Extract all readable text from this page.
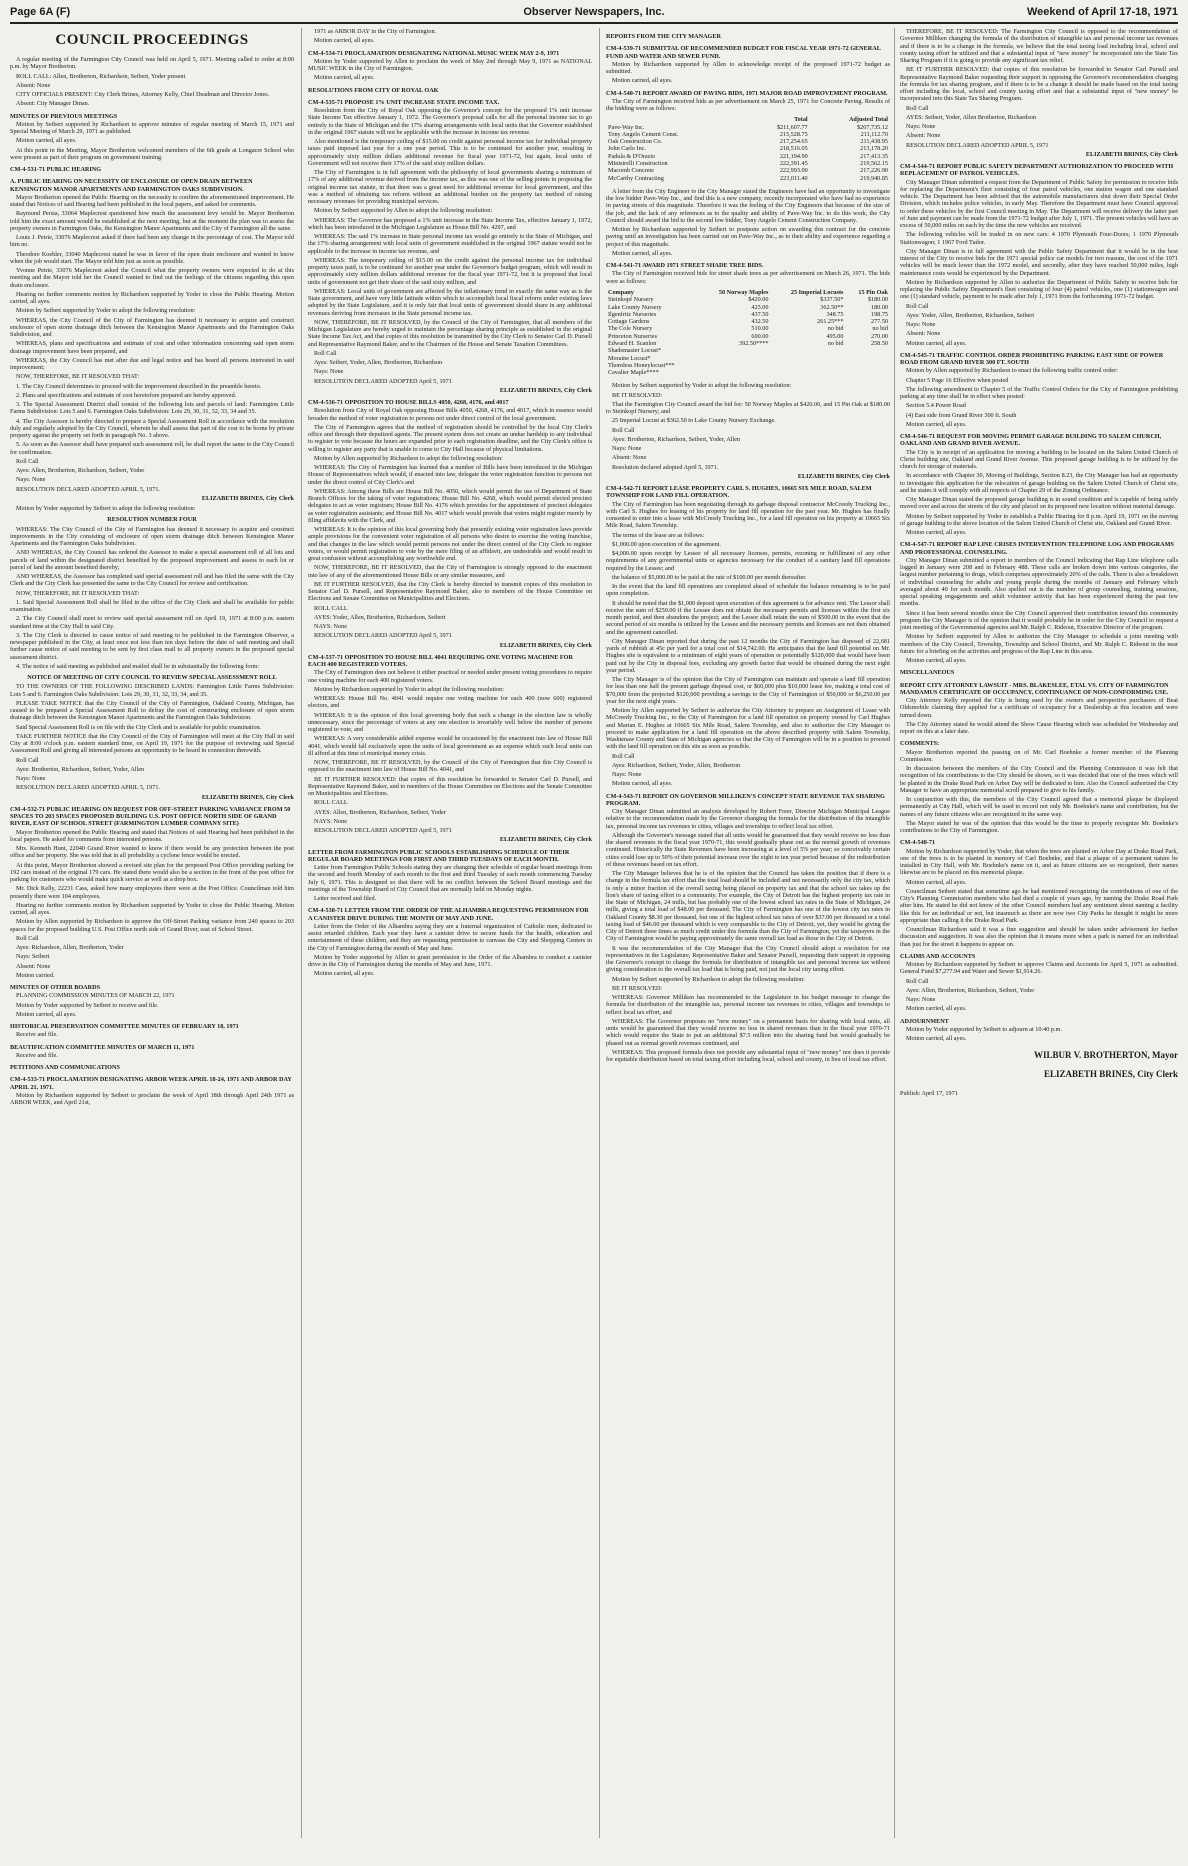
Page 6A (F)	Observer Newspapers, Inc.	Weekend of April 17-18, 1971
COUNCIL PROCEEDINGS
A regular meeting of the Farmington City Council was held on April 5, 1971. Meeting called to order at 8:00 p.m. by Mayor Brotherton.
ROLL CALL: Allen, Brotherton, Richardson, Seibert, Yoder present
Absent: None
CITY OFFICIALS PRESENT: City Clerk Brines, Attorney Kelly, Chief Deadman and Director Jones.
Absent: City Manager Dinan.
MINUTES OF PREVIOUS MEETINGS
Motion by Seibert supported by Richardson to approve minutes of regular meeting of March 15, 1971 and Special Meeting of March 29, 1971 as published.
Motion carried, all ayes.
At this point in the Meeting, Mayor Brotherton welcomed members of the 6th grade at Longacre School who were present as part of their program on government training.
CM-4-531-71 PUBLIC HEARING
A. PUBLIC HEARING ON NECESSITY OF ENCLOSURE OF OPEN DRAIN BETWEEN KENSINGTON MANOR APARTMENTS AND FARMINGTON OAKS SUBDIVISION.
Mayor Brotherton opened the Public Hearing on the necessity to confirm the aforementioned improvement. He stated that Notices of said Hearing had been published in the local papers, and asked for comments.
Raymond Persia, 33064 Maplecrest questioned how much the assessment levy would be. Mayor Brotherton told him the exact amount would be established at the next meeting, but at the moment the plan was to assess the property owners in Farmington Oaks, the Kensington Manor Apartments and the City of Farmington all the same.
Louis J. Petrie, 33076 Maplecrest asked if there had been any change in the percentage of cost. The Mayor told him no.
Theodore Koehler, 33040 Maplecrest stated he was in favor of the open drain enclosure and wanted to know when the job would start. The Mayor told him just as soon as possible.
Yvonne Petrie, 33076 Maplecrest asked the Council what the property owners were expected to do at this meeting and the Mayor told her the Council wanted to find out the feelings of the citizens regarding this open drain enclosure.
Hearing no further comments motion by Richardson supported by Yoder to close the Public Hearing. Motion carried, all ayes.
Motion by Seibert supported by Yoder to adopt the following resolution:
WHEREAS, the City Council of the City of Farmington has deemed it necessary to acquire and construct enclosure of open storm drainage ditch between the Kensington Manor Apartments and the Farmington Oaks Subdivision, and
WHEREAS, plans and specifications and estimate of cost and other information concerning said open storm drainage improvement have been prepared, and
WHEREAS, the City Council has met after due and legal notice and has heard all persons interested in said improvement;
NOW, THEREFORE, BE IT RESOLVED THAT:
1. The City Council determines to proceed with the improvement described in the preamble hereto.
2. Plans and specifications and estimate of cost heretofore prepared are hereby approved.
3. The Special Assessment District shall consist of the following lots and parcels of land: Farmington Little Farms Subdivision: Lots 5 and 6. Farmington Oaks Subdivision: Lots 29, 30, 31, 32, 33, 34 and 35.
4. The City Assessor is hereby directed to prepare a Special Assessment Roll in accordance with the resolution duly and regularly adopted by the City Council, wherein he shall assess that part of the cost to be borne by private property against the property set forth in paragraph No. 3 above.
5. As soon as the Assessor shall have prepared such assessment roll, he shall report the same to the City Council for confirmation.
Roll Call
Ayes: Allen, Brotherton, Richardson, Seibert, Yoder
Nays: None
RESOLUTION DECLARED ADOPTED APRIL 5, 1971.
ELIZABETH BRINES, City Clerk
Motion by Yoder supported by Seibert to adopt the following resolution:
RESOLUTION NUMBER FOUR
WHEREAS: The City Council of the City of Farmington has deemed it necessary to acquire and construct improvements in the City consisting of enclosure of open storm drainage ditch between Kensington Manor Apartments and the Farmington Oaks Subdivision.
AND WHEREAS, the City Council has ordered the Assessor to make a special assessment roll of all lots and parcels of land within the designated district benefited by the proposed improvement and assess to each lot or parcel of land the amount benefited thereby;
AND WHEREAS, the Assessor has completed said special assessment roll and has filed the same with the City Clerk and the City Clerk has presented the same to the City Council for review and certification.
NOW, THEREFORE, BE IT RESOLVED THAT:
1. Said Special Assessment Roll shall be filed in the office of the City Clerk and shall be available for public examination.
2. The City Council shall meet to review said special assessment roll on April 19, 1971 at 8:00 p.m. eastern standard time at the City Hall in said City.
3. The City Clerk is directed to cause notice of said meeting to be published in the Farmington Observer, a newspaper published in the City, at least once not less than ten days before the date of said meeting and shall further cause notice of said meeting to be sent by first class mail to all property owners in the proposed special assessment district.
4. The notice of said meeting as published and mailed shall be in substantially the following form:
NOTICE OF MEETING OF CITY COUNCIL TO REVIEW SPECIAL ASSESSMENT ROLL
TO THE OWNERS OF THE FOLLOWING DESCRIBED LANDS: Farmington Little Farms Subdivision: Lots 5 and 6. Farmington Oaks Subdivision: Lots 29, 30, 31, 32, 33, 34, and 35.
PLEASE TAKE NOTICE that the City Council of the City of Farmington, Oakland County, Michigan, has caused to be prepared a Special Assessment Roll to defray the cost of constructing enclosure of open storm drainage ditch between the Kensington Manor Apartments and the Farmington Oaks Subdivision.
Said Special Assessment Roll is on file with the City Clerk and is available for public examination.
TAKE FURTHER NOTICE that the City Council of the City of Farmington will meet at the City Hall in said City at 8:00 o'clock p.m. eastern standard time, on April 19, 1971 for the purpose of reviewing said Special Assessment Roll and giving all interested persons an opportunity to be heard in connection therewith.
Roll Call
Ayes: Brotherton, Richardson, Seibert, Yoder, Allen
Nays: None
RESOLUTION DECLARED ADOPTED APRIL 5, 1971.
ELIZABETH BRINES, City Clerk
CM-4-532-71 PUBLIC HEARING ON REQUEST FOR OFF-STREET PARKING VARIANCE FROM 50 SPACES TO 203 SPACES PROPOSED BUILDING U.S. POST OFFICE NORTH SIDE OF GRAND RIVER, EAST OF SCHOOL STREET (FARMINGTON LUMBER COMPANY SITE)
Mayor Brotherton opened the Public Hearing and stated that Notices of said Hearing had been published in the local papers. He asked for comments from interested persons.
Mrs. Kenneth Hunt, 22040 Grand River wanted to know if there would be any protection between the post office and her property. She was told that in all probability a cyclone fence would be erected.
At this point, Mayor Brotherton showed a revised site plan for the proposed Post Office providing parking for 192 cars instead of the original 179 cars. He stated there would also be a section in the front of the post office for parking for customers who would make quick service as well as a drop box.
Mr. Dick Kelly, 22231 Cass, asked how many employees there were at the Post Office. Councilman told him presently there were 104 employees.
Hearing no further comments motion by Richardson supported by Yoder to close the Public Hearing. Motion carried, all ayes.
Motion by Allen supported by Richardson to approve the Off-Street Parking variance from 240 spaces to 203 spaces for the proposed building U.S. Post Office north side of Grand River, east of School Street.
Roll Call
Ayes: Richardson, Allen, Brotherton, Yoder
Nays: Seibert
Absent: None
Motion carried.
MINUTES OF OTHER BOARDS
PLANNING COMMISSION MINUTES OF MARCH 22, 1971
Motion by Yoder supported by Seibert to receive and file.
Motion carried, all ayes.
HISTORICAL PRESERVATION COMMITTEE MINUTES OF FEBRUARY 18, 1971
Receive and file.
BEAUTIFICATION COMMITTEE MINUTES OF MARCH 11, 1971
Receive and file.
PETITIONS AND COMMUNICATIONS
CM-4-533-71 PROCLAMATION DESIGNATING ARBOR WEEK APRIL 18-24, 1971 AND ARBOR DAY APRIL 21, 1971.
Motion by Richardson supported by Seibert to proclaim the week of April 18th through April 24th 1971 as ARBOR WEEK, and April 21st,
1971 as ARBOR DAY in the City of Farmington.
Motion carried, all ayes.
CM-4-534-71 PROCLAMATION DESIGNATING NATIONAL MUSIC WEEK MAY 2-9, 1971
Motion by Yoder supported by Allen to proclaim the week of May 2nd through May 9, 1971 as NATIONAL MUSIC WEEK in the City of Farmington.
Motion carried, all ayes.
RESOLUTIONS FROM CITY OF ROYAL OAK
CM-4-535-71 PROPOSE 1% UNIT INCREASE STATE INCOME TAX.
Resolution from the City of Royal Oak opposing the Governor's concept for the proposed 1% unit increase State Income Tax effective January 1, 1972. The Governor's proposal calls for all the personal income tax to go entirely to the State of Michigan and the 17% sharing arrangements with local units that the Governor established in the original 1967 statute will not be applicable with the increase in income tax revenue.
Also mentioned is the temporary ceiling of $15.00 on credit against personal income tax for individual property taxes paid imposed last year for a one year period. This is to be continued for another year, resulting in approximately sixty million dollars additional revenue for fiscal year 1971-72, but again, local units of Government will not receive their 17% of the said sixty million dollars.
The City of Farmington is in full agreement with the philosophy of local governments sharing a minimum of 17% of any additional revenue derived from the income tax, as this was one of the selling points in proposing the original income tax statute, in that there was a great need for additional revenue for local government, and this was a method of obtaining tax reform without an additional burden on the property tax method of raising necessary revenues for providing municipal services.
Motion by Seibert supported by Allen to adopt the following resolution:
WHEREAS: The Governor has proposed a 1% unit increase in the State Income Tax, effective January 1, 1972, which has been introduced in the Michigan Legislature as House Bill No. 4297, and
WHEREAS: The said 1% increase in State personal income tax would go entirely to the State of Michigan, and the 17% sharing arrangement with local units of government established in the original 1967 statute would not be applicable to the increase in income tax revenue, and
WHEREAS: The temporary ceiling of $15.00 on the credit against the personal income tax for individual property taxes paid, is to be continued for another year under the Governor's budget program, which will result in approximately sixty million dollars additional revenue for the fiscal year 1971-72, but it is proposed that local units of government not get their share of the said sixty million, and
WHEREAS: Local units of government are affected by the inflationary trend in exactly the same way as is the State government, and have very little latitude within which to accomplish local fiscal reform under existing laws adopted by the State Legislature, and it is only fair that local units of government should share in any additional revenues deriving from increases in the State personal income tax.
NOW, THEREFORE, BE IT RESOLVED, by the Council of the City of Farmington, that all members of the Michigan Legislature are hereby urged to maintain the percentage sharing principle as established in the original State Income Tax Act, and that copies of this resolution be transmitted by the City Clerk to Senator Carl D. Pursell and Representative Raymond Baker, and to the Chairmen of the House and Senate Taxation Committees.
Roll Call
Ayes: Seibert, Yoder, Allen, Brotherton, Richardson
Nays: None
RESOLUTION DECLARED ADOPTED April 5, 1971
ELIZABETH BRINES, City Clerk
CM-4-536-71 OPPOSITION TO HOUSE BILLS 4050, 4268, 4176, and 4017
Resolution from City of Royal Oak opposing House Bills 4050, 4268, 4176, and 4017, which in essence would broaden the method of voter registration to persons not under direct control of the local government.
The City of Farmington agrees that the method of registration should be controlled by the local City Clerk's office and through their deputized agents. The present system does not create an undue hardship to any individual to register to vote because the hours are expanded prior to each registration deadline, and the City Clerk's office is willing to register any party that is unable to come to City Hall because of physical limitations.
Motion by Allen supported by Richardson to adopt the following resolution:
WHEREAS: The City of Farmington has learned that a number of Bills have been introduced in the Michigan House of Representatives which would, if enacted into law, delegate the voter registration function to persons not under the direct control of City Clerk's and
WHEREAS: Among these Bills are House Bill No. 4050, which would permit the use of Department of State Branch Offices for the taking of voter registrations; House Bill No. 4268, which would permit elected precinct delegates to act as voter registrars; House Bill No. 4176 which provides for the appointment of precinct delegates as voter registration assistants; and House Bill No. 4017 which would provide that voters might register merely by filing affidavits with the Clerk, and
WHEREAS: It is the opinion of this local governing body that presently existing voter registration laws provide ample provisions for the convenient voter registration of all persons who desire to exercise the voting franchise, and that changes in the law which would permit persons not under the direct control of the City Clerk to register voters, or would permit registration to vote by the mere filing of an affidavit, are undesirable and would result in great confusion without accomplishing any worthwhile end.
NOW, THEREFORE, BE IT RESOLVED, that the City of Farmington is strongly opposed to the enactment into law of any of the aforementioned House Bills or any similar measures, and
BE IT FURTHER RESOLVED, that the City Clerk is hereby directed to transmit copies of this resolution to Senator Carl D. Pursell, and Representative Raymond Baker, also to members of the House Committee on Elections and Senate Committee on Municipalities and Elections.
ROLL CALL
AYES: Yoder, Allen, Brotherton, Richardson, Seibert
NAYS: None
RESOLUTION DECLARED ADOPTED April 5, 1971
ELIZABETH BRINES, City Clerk
CM-4-537-71 OPPOSITION TO HOUSE BILL 4041 REQUIRING ONE VOTING MACHINE FOR EACH 400 REGISTERED VOTERS.
The City of Farmington does not believe it either practical or needed under present voting procedures to require one voting machine for each 400 registered voters.
Motion by Richardson supported by Yoder to adopt the following resolution:
WHEREAS: House Bill No. 4041 would require one voting machine for each 400 (now 600) registered electors, and
WHEREAS: It is the opinion of this local governing body that such a change in the election law is wholly unnecessary, since the percentage of voters at any one election is invariably well below the number of persons registered to vote, and
WHEREAS: A very considerable added expense would be occasioned by the enactment into law of House Bill 4041, which would fall exclusively upon the units of local government as an expense which such local units can ill afford at this time of municipal money crisis.
NOW, THEREFORE, BE IT RESOLVED, by the Council of the City of Farmington that this City Council is opposed to the enactment into law of House Bill No. 4041, and
BE IT FURTHER RESOLVED: that copies of this resolution be forwarded to Senator Carl D. Pursell, and Representative Raymond Baker, and to members of the House Committee on Elections and the Senate Committee on Municipalities and Elections.
ROLL CALL
AYES: Allen, Brotherton, Richardson, Seibert, Yoder
NAYS: None
RESOLUTION DECLARED ADOPTED April 5, 1971
ELIZABETH BRINES, City Clerk
LETTER FROM FARMINGTON PUBLIC SCHOOLS ESTABLISHING SCHEDULE OF THEIR REGULAR BOARD MEETINGS FOR FIRST AND THIRD TUESDAYS OF EACH MONTH.
Letter from Farmington Public Schools stating they are changing their schedule of regular board meetings from the second and fourth Monday of each month to the first and third Tuesday of each month commencing Tuesday July 6, 1971. This is designed so that there will be no conflict between the School Board meetings and the meetings of the Township Board of City Council that are normally held on Monday nights.
Letter received and filed.
CM-4-538-71 LETTER FROM THE ORDER OF THE ALHAMBRA REQUESTING PERMISSION FOR A CANISTER DRIVE DURING THE MONTH OF MAY AND JUNE.
Letter from the Order of the Alhambra saying they are a fraternal organization of Catholic men, dedicated to assist retarded children. Each year they have a canister drive to secure funds for the health, education and entertainment of these children, and they are requesting permission to canvass the City and Shopping Centers in the City of Farmington during the month of May and June.
Motion by Yoder supported by Allen to grant permission to the Order of the Alhambra to conduct a canister drive in the City of Farmington during the months of May and June, 1971.
Motion carried, all ayes.
REPORTS FROM THE CITY MANAGER
CM-4-539-71 SUBMITTAL OF RECOMMENDED BUDGET FOR FISCAL YEAR 1971-72 GENERAL FUND AND WATER AND SEWER FUND.
Motion by Richardson supported by Allen to acknowledge receipt of the proposed 1971-72 budget as submitted.
Motion carried, all ayes.
CM-4-540-71 REPORT AWARD OF PAVING BIDS, 1971 MAJOR ROAD IMPROVEMENT PROGRAM.
The City of Farmington received bids as per advertisement on March 25, 1971 for Concrete Paving. Results of the bidding were as follows:
	Total	Adjusted Total
Pave-Way Inc.	$211,607.77	$207,735.12
Tony Angelo Cement Const.	215,528.75	211,112.70
Oak Construction Co.	217,254.65	211,438.95
John Carlo Inc.	218,516.05	213,178.20
Padula & D'Orazio	221,194.90	217,413.35
Ministrelli Construction	222,391.45	219,562.15
Macomb Concrete	222,993.00	217,226.90
McCarthy Contracting	223,011.40	219,940.85
A letter from the City Engineer to the City Manager stated the Engineers have had an opportunity to investigate the low bidder Pave-Way Inc., and find this is a new company, recently incorporated who have had no experience in paving streets of this magnitude. Therefore it was the feeling of the City Engineers that because of the size of the job, and the lack of any references as to the quality and ability of Pave-Way Inc. to do this work, the City Council should award the bid to the second low bidder, Tony Angelo Cement Construction Company.
Motion by Richardson supported by Seibert to postpone action on awarding this contract for the concrete paving until an investigation has been carried out on Pave-Way Inc., as to their ability and experience regarding a project of this magnitude.
Motion carried, all ayes.
CM-4-541-71 AWARD 1971 STREET SHADE TREE BIDS.
The City of Farmington received bids for street shade trees as per advertisement on March 26, 1971. The bids were as follows:
Company	50 Norway Maples	25 Imperial Locusts	15 Pin Oak
Steinkopf Nursery	$420.00	$337.50*	$180.00
Lake County Nursery	425.00	362.50**	180.00
Ilgenfritz Nurseries	437.50	348.75	198.75
Cottage Gardens	432.50	261.25***	277.50
The Cole Nursery	510.00	no bid	no bid
Princeton Nurseries	600.00	495.00	270.00
Edward H. Scanlon	392.50****	no bid	258.50
Shademaster Locust*			
Moraine Locust*			
Thornless Honeylocust***			
Cavalier Maple****			
Motion by Seibert supported by Yoder to adopt the following resolution:
BE IT RESOLVED:
That the Farmington City Council award the bid for: 50 Norway Maples at $420.00, and 15 Pin Oak at $180.00 to Steinkopf Nursery; and
25 Imperial Locust at $362.50 to Lake County Nursery Exchange.
Roll Call
Ayes: Brotherton, Richardson, Seibert, Yoder, Allen
Nays: None
Absent: None
Resolution declared adopted April 5, 1971.
ELIZABETH BRINES, City Clerk
CM-4-542-71 REPORT LEASE PROPERTY CARL S. HUGHES, 10665 SIX MILE ROAD, SALEM TOWNSHIP FOR LAND FILL OPERATION.
The City of Farmington has been negotiating through its garbage disposal contractor McCreedy Trucking Inc., with Carl S. Hughes for leasing of his property for land fill operation for the past year. Mr. Hughes has finally consented to enter into a lease with McCreedy Trucking Inc., for a land fill operation on his property at 10665 Six Mile Road, Salem Township.
The terms of the lease are as follows:
$1,000.00 upon execution of the agreement.
$4,000.00 upon receipt by Lessee of all necessary licenses, permits, rezoning or fulfillment of any other requirements of any governmental units or agencies necessary for the conduct of a sanitary land fill operations required by the Lessee; and
the balance of $5,000.00 to be paid at the rate of $100.00 per month thereafter.
In the event that the land fill operations are completed ahead of schedule the balance remaining is to be paid upon completion.
It should be noted that the $1,000 deposit upon execution of this agreement is for advance rent. The Lessor shall receive the sum of $250.00 if the Lessee does not obtain the necessary permits and licenses within the first six month period, and then abandons the project; and the Lessor shall retain the sum of $500.00 in the event that the second period of six months is utilized by the Lessee and the necessary permits and licenses are not then obtained and the agreement cancelled.
City Manager Dinan reported that during the past 12 months the City of Farmington has disposed of 22,681 yards of rubbish at 45c per yard for a total cost of $14,742.00. He anticipates that the land fill potential on Mr. Hughes site is equivalent to a minimum of eight years of operation or potentially $120,000 that would have been paid out by the City in disposal fees, excluding any growth factor that would be obtained during the next eight year period.
The City Manager is of the opinion that the City of Farmington can maintain and operate a land fill operation for less than one half the present garbage disposal cost, or $60,000 plus $10,000 lease fee, making a total cost of $70,000 from the projected $120,000 providing a savings to the City of Farmington of $50,000 or $6,250.00 per year for the next eight years.
Motion by Allen supported by Seibert to authorize the City Attorney to prepare an Assignment of Lease with McCreedy Trucking Inc., to the City of Farmington for a land fill operation on property owned by Carl Hughes and Marian E. Hughes at 10665 Six Mile Road, Salem Township, and also to authorize the City Manager to proceed to make application for a land fill operation on the above described property with Salem Township, Washtenaw County and State of Michigan agencies so that the City of Farmington will be in a position to proceed with the land fill operation on this site as soon as possible.
Roll Call
Ayes: Richardson, Seibert, Yoder, Allen, Brotherton
Nays: None
Motion carried, all ayes.
CM-4-543-71 REPORT ON GOVERNOR MILLIKEN'S CONCEPT STATE REVENUE TAX SHARING PROGRAM.
City Manager Dinan submitted an analysis developed by Robert Freer, Director Michigan Municipal League relative to the recommendation made by the Governor changing the formula for the distribution of the intangible tax, personal income tax revenues to cities, villages and townships to reflect local tax effort.
Although the Governor's message stated that all units would be guaranteed that they would receive no less than the shared revenues in the fiscal year 1970-71, this would gradually phase out as the normal growth of revenues continued. Historically the State Revenues have been increasing at a level of 5% per year; so conceivably certain cities could lose up to 50% of their potential increase over the eight to ten year period because of the redistribution of these revenues based on tax effort.
The City Manager believes that he is of the opinion that the Council has taken the position that if there is a change in the formula tax effort that the total load should be included and not necessarily only the city tax, which is only a minor fraction of the overall taxing being placed on property tax and that the school tax takes up the lion's share of taxing effort to a community. For example, the City of Detroit has the highest property tax rate in the State of Michigan, 24 mills, but has probably one of the lowest school tax rates in the State of Michigan, 24 mills, giving a total load of $48.00 per thousand. The City of Farmington has one of the lowest city tax rates in Oakland County $8.30 per thousand, but one of the highest school tax rates of over $37.00 per thousand or a total taxing load of $46.00 per thousand which is very comparable to the City of Detroit, yet, they would be giving the City of Detroit three times as much credit under this formula than the City of Farmington, yet the taxpayers in the City of Farmington would be paying approximately the same overall tax load as those in the City of Detroit.
It was the recommendation of the City Manager that the City Council should adopt a resolution for our representatives in the Legislature, Representative Baker and Senator Pursell, requesting their support in opposing the Governor's concept to change the formula for distribution of intangible tax and personal income tax without giving consideration to the overall tax load that is being paid, not just the local city taxing effort.
Motion by Seibert supported by Richardson to adopt the following resolution:
BE IT RESOLVED:
WHEREAS: Governor Milliken has recommended to the Legislature in his budget message to change the formula for distribution of the intangible tax, personal income tax revenues to cities, villages and townships to reflect local tax effort, and
WHEREAS: The Governor proposes no "new money" on a permanent basis for sharing with local units, all units would be guaranteed that they would receive no less in shared revenues than in the fiscal year 1970-71 which would require the State to put an additional $7.5 million into the sharing fund but would gradually be phased out as normal growth revenues continued, and
WHEREAS: This proposed formula does not provide any substantial input of "new money" nor does it provide for equitable distribution based on total taxing effort including local, school and county, in lieu of local tax effort.
THEREFORE, BE IT RESOLVED: The Farmington City Council is opposed to the recommendation of Governor Milliken changing the formula of the distribution of intangible tax and personal income tax revenues and if there is to be a change in the formula, we believe that the total taxing load including local, school and county taxing effort be utilized and that a substantial input of "new money" be incorporated into the State Tax Sharing Program if it is going to provide any significant tax relief.
BE IT FURTHER RESOLVED: that copies of this resolution be forwarded to Senator Carl Pursell and Representative Raymond Baker requesting their support in opposing the Governor's recommendation changing the formula for tax sharing program, and if there is to be a change it should be made based on the total taxing effort including the local, school and county taxing effort and that a substantial input of "new money" be incorporated into this State Tax Sharing Program.
Roll Call
AYES: Seibert, Yoder, Allen Brotherton, Richardson
Nays: None
Absent: None
RESOLUTION DECLARED ADOPTED APRIL 5, 1971
ELIZABETH BRINES, City Clerk
CM-4-544-71 REPORT PUBLIC SAFETY DEPARTMENT AUTHORIZATION TO PROCEED WITH REPLACEMENT OF PATROL VEHICLES.
City Manager Dinan submitted a request from the Department of Public Safety for permission to receive bids for replacing the Department's fleet consisting of four patrol vehicles, one station wagon and one standard vehicle. The Department has been advised that the automobile manufacturers shut down their Special Order Division, which includes police vehicles, in early May. Therefore the Department must have Council approval to order these vehicles by the first Council meeting in May. The Department will receive delivery the latter part of June and payment can be made from the 1971-72 budget after July 1, 1971. The present vehicles will have an excess of 50,000 miles on each by the time the new vehicles are received.
The following vehicles will be traded in on new cars: 4 1970 Plymouth Four-Doors; 1 1970 Plymouth Stationwagon; 1 1967 Ford Tudor.
City Manager Dinan is in full agreement with the Public Safety Department that it would be in the best interest of the City to receive bids for the 1971 special police car models for two reasons, the cost of the 1971 vehicles will be much lower than the 1972 model, and secondly, after they have reached 50,000 miles, high maintenance costs would be experienced by the Department.
Motion by Richardson supported by Allen to authorize the Department of Public Safety to receive bids for replacing the Public Safety Department's fleet consisting of four (4) patrol vehicles, one (1) stationwagon and one (1) standard vehicle, payment to be made after July 1, 1971 from the forthcoming 1971-72 budget.
Roll Call
Ayes: Yoder, Allen, Brotherton, Richardson, Seibert
Nays: None
Absent: None
Motion carried, all ayes.
CM-4-545-71 TRAFFIC CONTROL ORDER PROHIBITING PARKING EAST SIDE OF POWER ROAD FROM GRAND RIVER 300 FT. SOUTH
Motion by Allen supported by Richardson to enact the following traffic control order:
Chapter 5 Page 16 Effective when posted
The following amendment to Chapter 5 of the Traffic Control Orders for the City of Farmington prohibiting parking at any time shall be in effect when posted:
Section 5.4 Power Road
(4) East side from Grand River 300 ft. South
Motion carried, all ayes.
CM-4-546-71 REQUEST FOR MOVING PERMIT GARAGE BUILDING TO SALEM CHURCH, OAKLAND AND GRAND RIVER AVENUE.
The City is in receipt of an application for moving a building to be located on the Salem United Church of Christ building site, Oakland and Grand River Avenue. This proposed garage building is to be utilized by the church for storage of materials.
In accordance with Chapter 30, Moving of Buildings, Section 8.23, the City Manager has had an opportunity to investigate this application for the relocation of garage building on the Salem United Church of Christ site, and he states it will comply with all respects of Chapter 29 of the Zoning Ordinance.
City Manager Dinan stated the proposed garage building is in sound condition and is capable of being safely moved over and across the streets of the city and placed on its proposed new location without material damage.
Motion by Seibert supported by Yoder to establish a Public Hearing for 8 p.m. April 19, 1971 on the moving of garage building to the above location of the Salem United Church of Christ site, Oakland and Grand River.
Motion carried, all ayes.
CM-4-547-71 REPORT RAP LINE CRISES INTERVENTION TELEPHONE LOG AND PROGRAMS AND PROFESSIONAL COUNSELING.
City Manager Dinan submitted a report to members of the Council indicating that Rap Line telephone calls logged in January were 208 and in February 488. These calls are broken down into various categories, the largest number pertaining to drugs, which comprises approximately 20% of the calls. There is also a breakdown of individual counseling for adults and young people during the months of January and February which averaged about 40 for each month. Also spelled out is the number of group counseling, training sessions, special speaking engagements and adult volunteer activity that has been experienced during the past few months.
Since it has been several months since the City Council approved their contribution toward this community program the City Manager is of the opinion that it would probably be in order for the City Council to request a joint meeting of the Governmental agencies and Mr. Ralph C. Rideout, Executive Director of the program.
Motion by Seibert supported by Allen to authorize the City Manager to schedule a joint meeting with members of the City Council, Township, Township and School District, and Mr. Ralph C. Rideout in the near future for a briefing on the activities and progress of the Rap Line in this area.
Motion carried, all ayes.
MISCELLANEOUS
REPORT CITY ATTORNEY LAWSUIT - MRS. BLAKESLEE, ETAL VS. CITY OF FARMINGTON MANDAMUS CERTIFICATE OF OCCUPANCY, CONTINUANCE OF NON-CONFORMING USE.
City Attorney Kelly reported the City is being sued by the owners and perspective purchasers of Beat Oldsmobile claiming they applied for a certificate of occupancy for a Dealership at this location and were turned down.
The City Attorney stated he would attend the Show Cause Hearing which was scheduled for Wednesday and report on this at a later date.
COMMENTS:
Mayor Brotherton reported the passing on of Mr. Carl Boehnke a former member of the Planning Commission.
In discussion between the members of the City Council and the Planning Commission it was felt that recognition of his contributions to the City should be shown, so it was decided that one of the trees which will be planted in the Drake Road Park on Arbor Day will be dedicated to him. Also the Council authorized the City Manager to have an appropriate memorial scroll prepared to give to his family.
In conjunction with this, the members of the City Council agreed that a memorial plaque be displayed permanently at City Hall, which will be used to record not only Mr. Boehnke's name and contribution, but the names of any future citizens who are recognized in the same way.
The Mayor stated he was of the opinion that this would be the time to properly recognize Mr. Boehnke's contributions to the City of Farmington.
CM-4-548-71
Motion by Richardson supported by Yoder, that when the trees are planted on Arbor Day at Drake Road Park, one of the trees is to be planted in memory of Carl Boehnke, and that a plaque of a permanent nature be installed in City Hall, with Mr. Boehnke's name on it, and as future citizens are so recognized, their names likewise are to be placed on this memorial plaque.
Motion carried, all ayes.
Councilman Seibert stated that sometime ago he had mentioned recognizing the contributions of one of the City's Planning Commission members who had died a couple of years ago, by naming the Drake Road Park after him. He stated he did not know of the other Council members had any sentiment about naming a facility like this for an individual or not, but inasmuch as there are now two City Parks he thought it might be more appropriate than calling it the Drake Road Park.
Councilman Richardson said it was a fine suggestion and should be taken under advisement for further discussion and suggestion. It was also the opinion that it means more when a park is named for an individual than just for the street it happens to appear on.
CLAIMS AND ACCOUNTS
Motion by Richardson supported by Seibert to approve Claims and Accounts for April 5, 1971 as submitted. General Fund $7,277.94 and Water and Sewer $1,914.26.
Roll Call
Ayes: Allen, Brotherton, Richardson, Seibert, Yoder
Nays: None
Motion carried, all ayes.
ADJOURNMENT
Motion by Yoder supported by Seibert to adjourn at 10:40 p.m.
Motion carried, all ayes.
WILBUR V. BROTHERTON, Mayor
ELIZABETH BRINES, City Clerk
Publish: April 17, 1971
